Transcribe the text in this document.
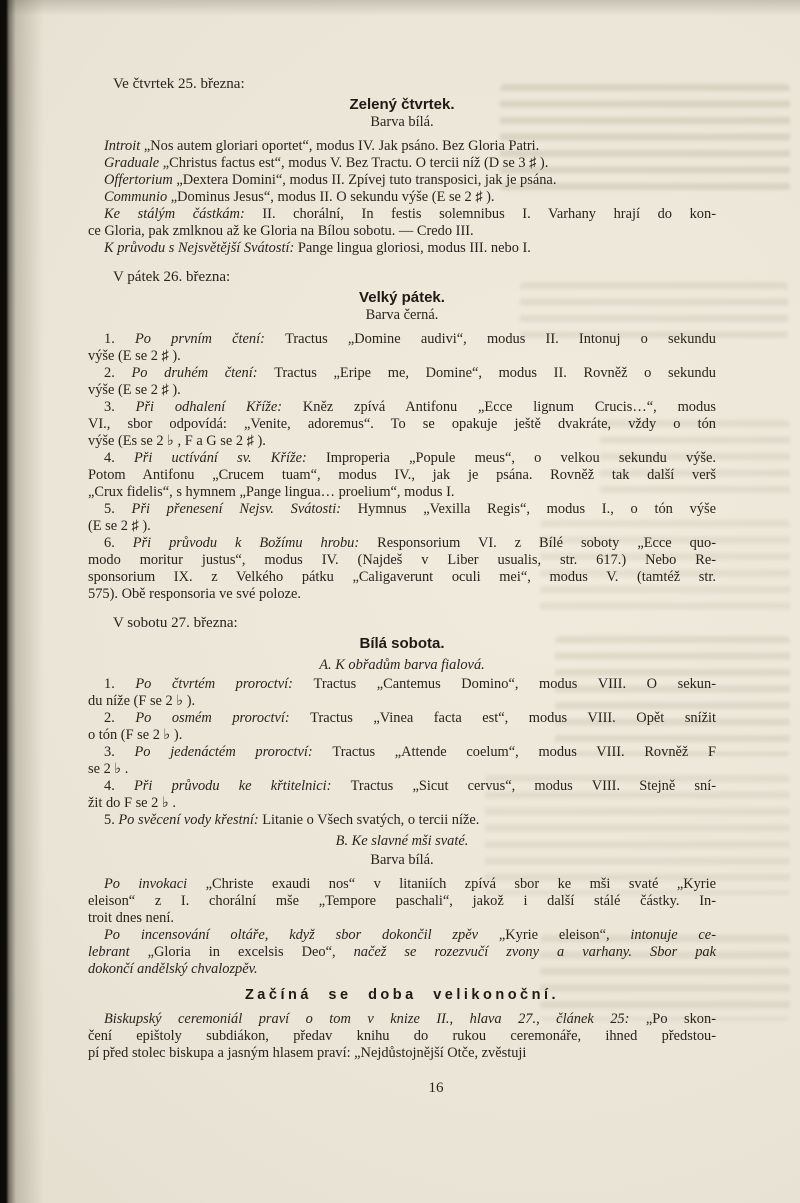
Ve čtvrtek 25. března:
Zelený čtvrtek.
Barva bílá.
Introit „Nos autem gloriari oportet“, modus IV. Jak psáno. Bez Gloria Patri.
Graduale „Christus factus est“, modus V. Bez Tractu. O tercii níž (D se 3 ♯ ).
Offertorium „Dextera Domini“, modus II. Zpívej tuto transposici, jak je psána.
Communio „Dominus Jesus“, modus II. O sekundu výše (E se 2 ♯ ).
Ke stálým částkám: II. chorální, In festis solemnibus I. Varhany hrají do kon-
ce Gloria, pak zmlknou až ke Gloria na Bílou sobotu. — Credo III.
K průvodu s Nejsvětější Svátostí: Pange lingua gloriosi, modus III. nebo I.
V pátek 26. března:
Velký pátek.
Barva černá.
1. Po prvním čtení: Tractus „Domine audivi“, modus II. Intonuj o sekundu
výše (E se 2 ♯ ).
2. Po druhém čtení: Tractus „Eripe me, Domine“, modus II. Rovněž o sekundu
výše (E se 2 ♯ ).
3. Při odhalení Kříže: Kněz zpívá Antifonu „Ecce lignum Crucis…“, modus
VI., sbor odpovídá: „Venite, adoremus“. To se opakuje ještě dvakráte, vždy o tón
výše (Es se 2 ♭ , F a G se 2 ♯ ).
4. Při uctívání sv. Kříže: Improperia „Popule meus“, o velkou sekundu výše.
Potom Antifonu „Crucem tuam“, modus IV., jak je psána. Rovněž tak další verš
„Crux fidelis“, s hymnem „Pange lingua… proelium“, modus I.
5. Při přenesení Nejsv. Svátosti: Hymnus „Vexilla Regis“, modus I., o tón výše
(E se 2 ♯ ).
6. Při průvodu k Božímu hrobu: Responsorium VI. z Bílé soboty „Ecce quo-
modo moritur justus“, modus IV. (Najdeš v Liber usualis, str. 617.) Nebo Re-
sponsorium IX. z Velkého pátku „Caligaverunt oculi mei“, modus V. (tamtéž str.
575). Obě responsoria ve své poloze.
V sobotu 27. března:
Bílá sobota.
A. K obřadům barva fialová.
1. Po čtvrtém proroctví: Tractus „Cantemus Domino“, modus VIII. O sekun-
du níže (F se 2 ♭ ).
2. Po osmém proroctví: Tractus „Vinea facta est“, modus VIII. Opět snížit
o tón (F se 2 ♭ ).
3. Po jedenáctém proroctví: Tractus „Attende coelum“, modus VIII. Rovněž F
se 2 ♭ .
4. Při průvodu ke křtitelnici: Tractus „Sicut cervus“, modus VIII. Stejně sní-
žit do F se 2 ♭ .
5. Po svěcení vody křestní: Litanie o Všech svatých, o tercii níže.
B. Ke slavné mši svaté.
Barva bílá.
Po invokaci „Christe exaudi nos“ v litaniích zpívá sbor ke mši svaté „Kyrie
eleison“ z I. chorální mše „Tempore paschali“, jakož i další stálé částky. In-
troit dnes není.
Po incensování oltáře, když sbor dokončil zpěv „Kyrie eleison“, intonuje ce-
lebrant „Gloria in excelsis Deo“, načež se rozezvučí zvony a varhany. Sbor pak
dokončí andělský chvalozpěv.
Začíná se doba velikonoční.
Biskupský ceremoniál praví o tom v knize II., hlava 27., článek 25: „Po skon-
čení epištoly subdiákon, předav knihu do rukou ceremonáře, ihned předstou-
pí před stolec biskupa a jasným hlasem praví: „Nejdůstojnější Otče, zvěstuji
16
